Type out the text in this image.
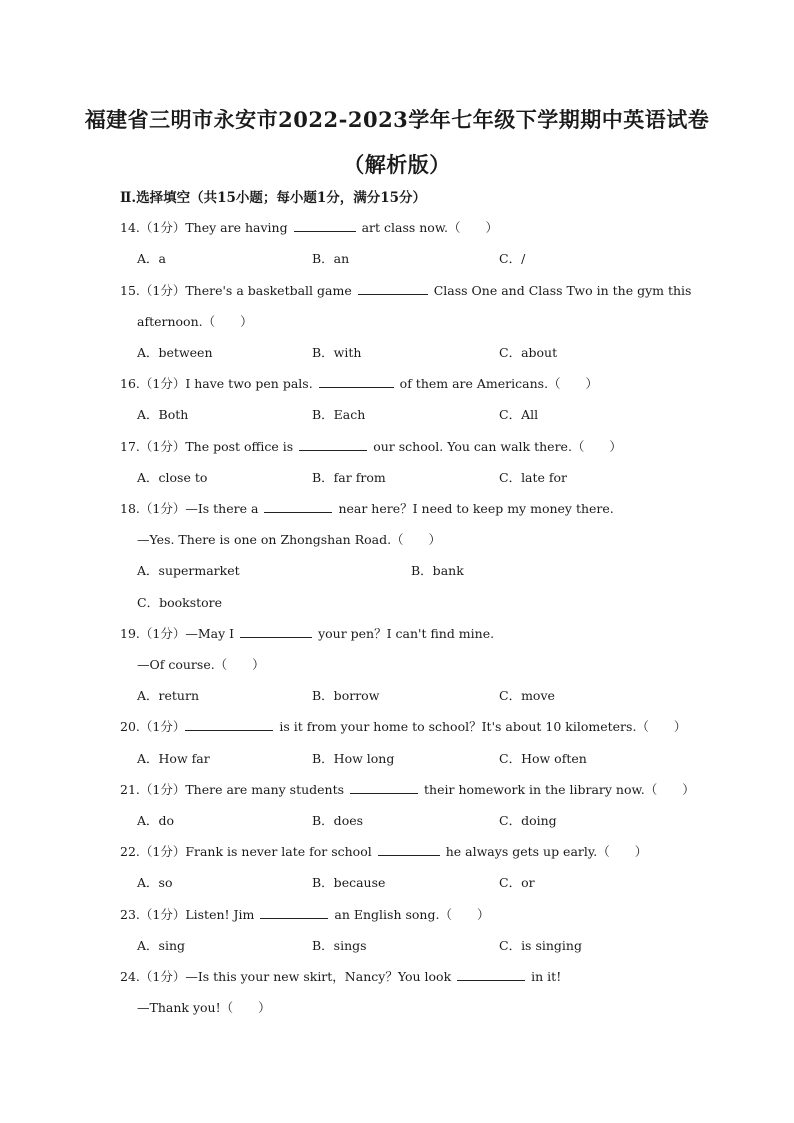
福建省三明市永安市2022-2023学年七年级下学期期中英语试卷
（解析版）
Ⅱ.选择填空（共15小题；每小题1分，满分15分）
14.（1分）They are having	art class now.（　　）
A．a	B．an	C．/
15.（1分）There's a basketball game	Class One and Class Two in the gym this
afternoon.（　　）
A．between	B．with	C．about
16.（1分）I have two pen pals.	of them are Americans.（　　）
A．Both	B．Each	C．All
17.（1分）The post office is	our school. You can walk there.（　　）
A．close to	B．far from	C．late for
18.（1分）—Is there a	near here？I need to keep my money there.
—Yes. There is one on Zhongshan Road.（　　）
A．supermarket	B．bank
C．bookstore
19.（1分）—May I	your pen？I can't find mine.
—Of course.（　　）
A．return	B．borrow	C．move
20.（1分）	is it from your home to school？It's about 10 kilometers.（　　）
A．How far	B．How long	C．How often
21.（1分）There are many students	their homework in the library now.（　　）
A．do	B．does	C．doing
22.（1分）Frank is never late for school	he always gets up early.（　　）
A．so	B．because	C．or
23.（1分）Listen! Jim	an English song.（　　）
A．sing	B．sings	C．is singing
24.（1分）—Is this your new skirt，Nancy？You look	in it!
—Thank you!（　　）
